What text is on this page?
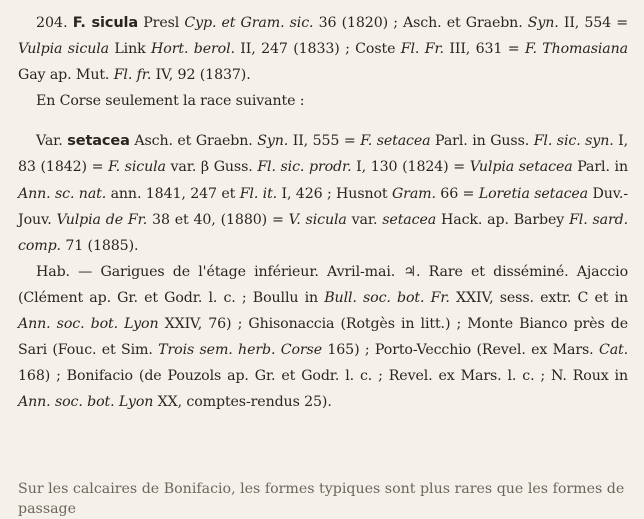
204. F. sicula Presl Cyp. et Gram. sic. 36 (1820) ; Asch. et Graebn. Syn. II, 554 = Vulpia sicula Link Hort. berol. II, 247 (1833) ; Coste Fl. Fr. III, 631 = F. Thomasiana Gay ap. Mut. Fl. fr. IV, 92 (1837).

En Corse seulement la race suivante :

Var. setacea Asch. et Graebn. Syn. II, 555 = F. setacea Parl. in Guss. Fl. sic. syn. I, 83 (1842) = F. sicula var. β Guss. Fl. sic. prodr. I, 130 (1824) = Vulpia setacea Parl. in Ann. sc. nat. ann. 1841, 247 et Fl. it. I, 426 ; Husnot Gram. 66 = Loretia setacea Duv.-Jouv. Vulpia de Fr. 38 et 40, (1880) = V. sicula var. setacea Hack. ap. Barbey Fl. sard. comp. 71 (1885).

Hab. — Garigues de l'étage inférieur. Avril-mai. ♃. Rare et disséminé. Ajaccio (Clément ap. Gr. et Godr. l. c. ; Boullu in Bull. soc. bot. Fr. XXIV, sess. extr. C et in Ann. soc. bot. Lyon XXIV, 76) ; Ghisonaccia (Rotgès in litt.) ; Monte Bianco près de Sari (Fouc. et Sim. Trois sem. herb. Corse 165) ; Porto-Vecchio (Revel. ex Mars. Cat. 168) ; Bonifacio (de Pouzols ap. Gr. et Godr. l. c. ; Revel. ex Mars. l. c. ; N. Roux in Ann. soc. bot. Lyon XX, comptes-rendus 25).

Sur les calcaires de Bonifacio, les formes typiques sont plus rares que les formes de passage
